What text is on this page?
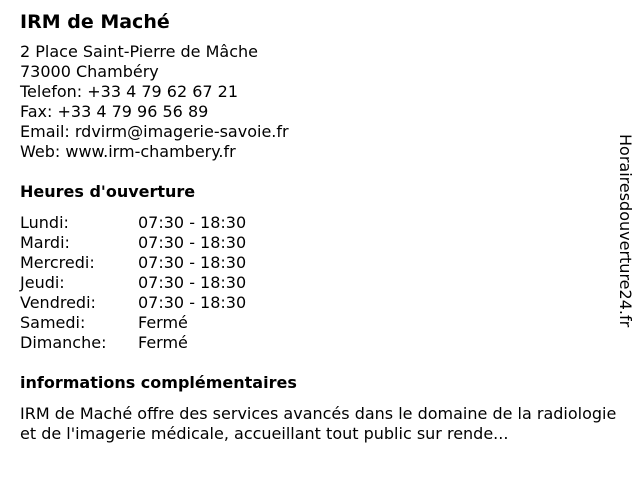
IRM de Maché
2 Place Saint-Pierre de Mâche
73000 Chambéry
Telefon: +33 4 79 62 67 21
Fax: +33 4 79 96 56 89
Email: rdvirm@imagerie-savoie.fr
Web: www.irm-chambery.fr
Heures d'ouverture
Lundi:	07:30 - 18:30
Mardi:	07:30 - 18:30
Mercredi:	07:30 - 18:30
Jeudi:	07:30 - 18:30
Vendredi:	07:30 - 18:30
Samedi:	Fermé
Dimanche:	Fermé
informations complémentaires
IRM de Maché offre des services avancés dans le domaine de la radiologie et de l'imagerie médicale, accueillant tout public sur rende...
Horairesdouverture24.fr
